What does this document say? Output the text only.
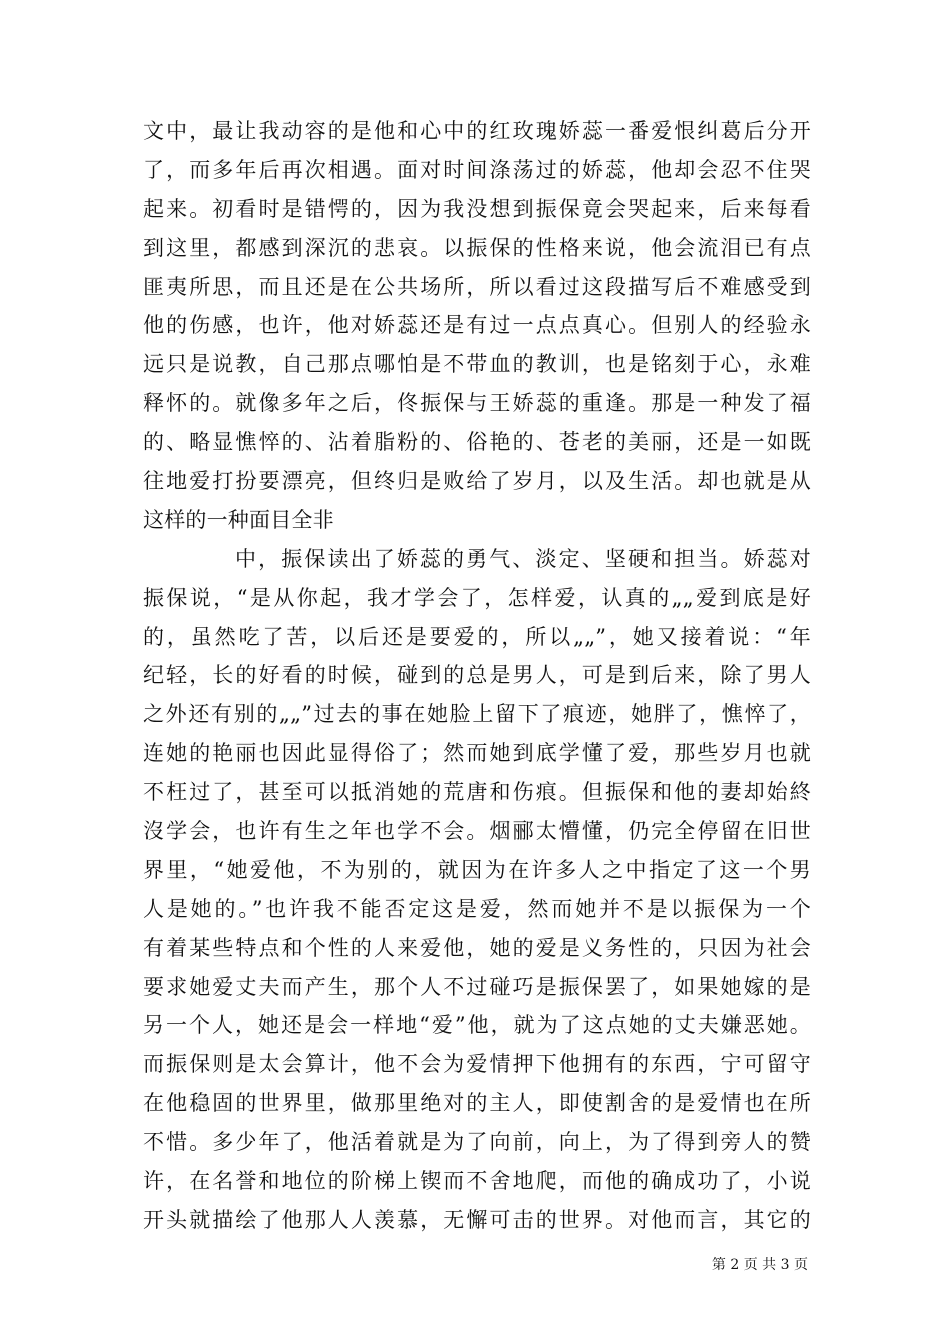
文中，最让我动容的是他和心中的红玫瑰娇蕊一番爱恨纠葛后分开
了，而多年后再次相遇。面对时间涤荡过的娇蕊，他却会忍不住哭
起来。初看时是错愕的，因为我没想到振保竟会哭起来，后来每看
到这里，都感到深沉的悲哀。以振保的性格来说，他会流泪已有点
匪夷所思，而且还是在公共场所，所以看过这段描写后不难感受到
他的伤感，也许，他对娇蕊还是有过一点点真心。但别人的经验永
远只是说教，自己那点哪怕是不带血的教训，也是铭刻于心，永难
释怀的。就像多年之后，佟振保与王娇蕊的重逢。那是一种发了福
的、略显憔悴的、沾着脂粉的、俗艳的、苍老的美丽，还是一如既
往地爱打扮要漂亮，但终归是败给了岁月，以及生活。却也就是从
这样的一种面目全非
中，振保读出了娇蕊的勇气、淡定、坚硬和担当。娇蕊对
振保说，“是从你起，我才学会了，怎样爱，认真的„„爱到底是好
的，虽然吃了苦，以后还是要爱的，所以„„”，她又接着说：“年
纪轻，长的好看的时候，碰到的总是男人，可是到后来，除了男人
之外还有别的„„”过去的事在她脸上留下了痕迹，她胖了，憔悴了，
连她的艳丽也因此显得俗了；然而她到底学懂了爱，那些岁月也就
不枉过了，甚至可以抵消她的荒唐和伤痕。但振保和他的妻却始終
沒学会，也许有生之年也学不会。烟郦太懵懂，仍完全停留在旧世
界里，“她爱他，不为别的，就因为在许多人之中指定了这一个男
人是她的。”也许我不能否定这是爱，然而她并不是以振保为一个
有着某些特点和个性的人来爱他，她的爱是义务性的，只因为社会
要求她爱丈夫而产生，那个人不过碰巧是振保罢了，如果她嫁的是
另一个人，她还是会一样地“爱”他，就为了这点她的丈夫嫌恶她。
而振保则是太会算计，他不会为爱情押下他拥有的东西，宁可留守
在他稳固的世界里，做那里绝对的主人，即使割舍的是爱情也在所
不惜。多少年了，他活着就是为了向前，向上，为了得到旁人的赞
许，在名誉和地位的阶梯上锲而不舍地爬，而他的确成功了，小说
开头就描绘了他那人人羡慕，无懈可击的世界。对他而言，其它的
第 2 页 共 3 页
